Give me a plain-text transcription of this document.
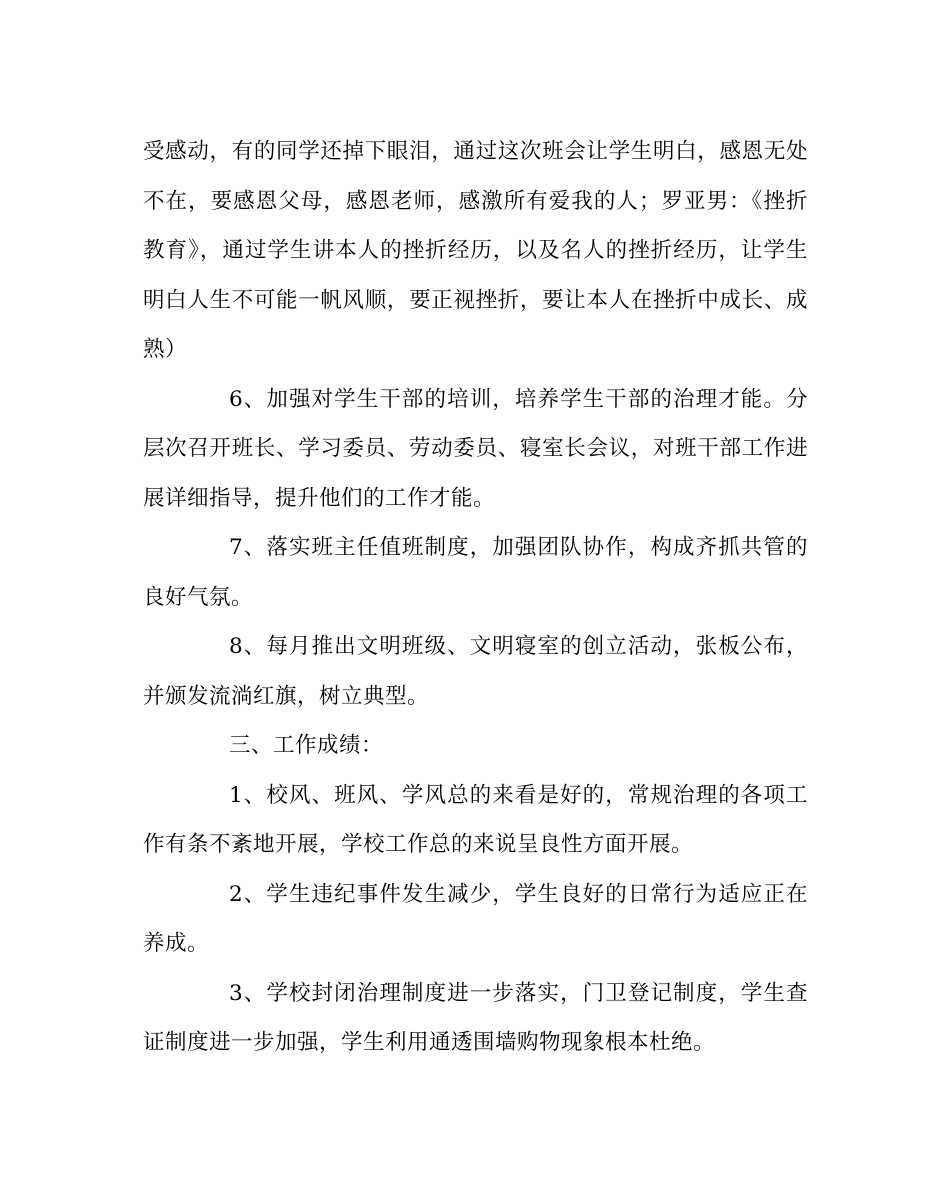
受感动，有的同学还掉下眼泪，通过这次班会让学生明白，感恩无处不在，要感恩父母，感恩老师，感激所有爱我的人；罗亚男：《挫折教育》，通过学生讲本人的挫折经历，以及名人的挫折经历，让学生明白人生不可能一帆风顺，要正视挫折，要让本人在挫折中成长、成熟）

6、加强对学生干部的培训，培养学生干部的治理才能。分层次召开班长、学习委员、劳动委员、寝室长会议，对班干部工作进展详细指导，提升他们的工作才能。

7、落实班主任值班制度，加强团队协作，构成齐抓共管的良好气氛。

8、每月推出文明班级、文明寝室的创立活动，张板公布，并颁发流淌红旗，树立典型。

三、工作成绩：

1、校风、班风、学风总的来看是好的，常规治理的各项工作有条不紊地开展，学校工作总的来说呈良性方面开展。

2、学生违纪事件发生减少，学生良好的日常行为适应正在养成。

3、学校封闭治理制度进一步落实，门卫登记制度，学生查证制度进一步加强，学生利用通透围墙购物现象根本杜绝。
